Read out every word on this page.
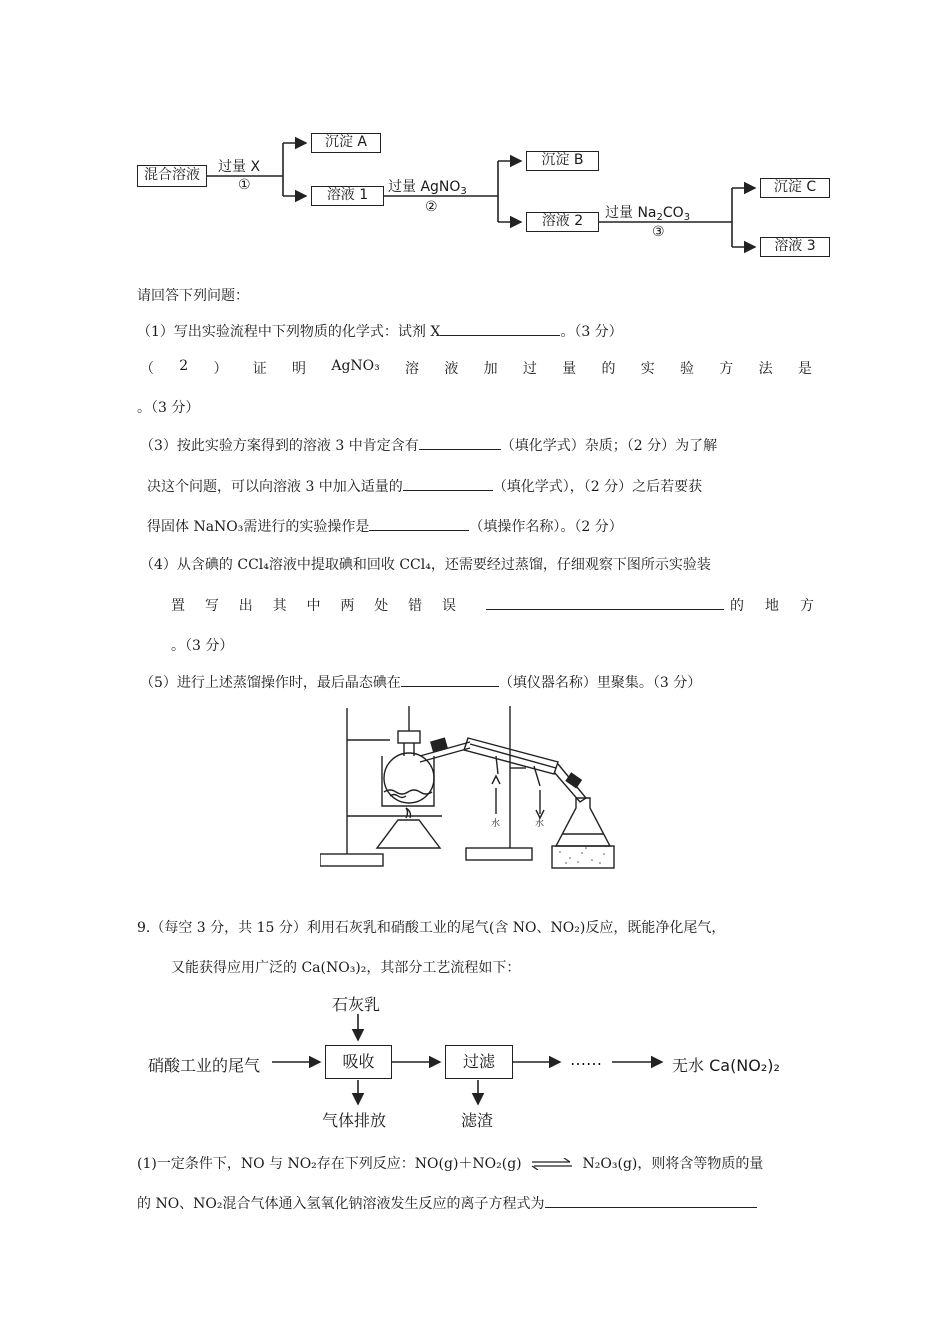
混合溶液	过量 X
①
沉淀 A
溶液 1	过量 AgNO$_3$
②
沉淀 B
溶液 2	过量 $Na_2CO_3$
③
沉淀 C
溶液 3
请回答下列问题：
（1）写出实验流程中下列物质的化学式：试剂 X	。（3 分）
（ 2 ） 证 明 AgNO₃ 溶 液 加 过 量 的 实 验 方 法 是
。（3 分）
（3）按此实验方案得到的溶液 3 中肯定含有	（填化学式）杂质；（2 分）为了解
决这个问题，可以向溶液 3 中加入适量的	（填化学式），（2 分）之后若要获
得固体 NaNO₃需进行的实验操作是	（填操作名称）。（2 分）
（4）从含碘的 CCl₄溶液中提取碘和回收 CCl₄，还需要经过蒸馏，仔细观察下图所示实验装
置 写 出 其 中 两 处 错 误	的 地 方
。（3 分）
（5）进行上述蒸馏操作时，最后晶态碘在	（填仪器名称）里聚集。（3 分）
水	水
9.（每空 3 分，共 15 分）利用石灰乳和硝酸工业的尾气(含 NO、NO₂)反应，既能净化尾气，
又能获得应用广泛的 Ca(NO₃)₂，其部分工艺流程如下：
石灰乳
硝酸工业的尾气	吸收	过滤	……	无水 Ca(NO₂)₂
气体排放	滤渣
(1)一定条件下，NO 与 NO₂存在下列反应：NO(g)＋NO₂(g) ⇌ N₂O₃(g)，则将含等物质的量
的 NO、NO₂混合气体通入氢氧化钠溶液发生反应的离子方程式为
